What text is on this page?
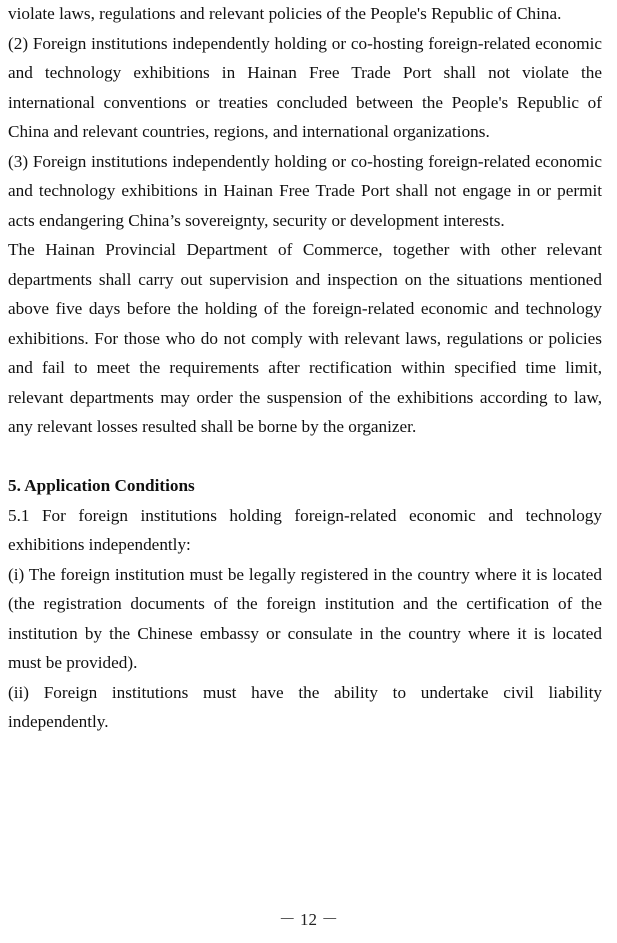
violate laws, regulations and relevant policies of the People's Republic of China.

(2) Foreign institutions independently holding or co-hosting foreign-related economic and technology exhibitions in Hainan Free Trade Port shall not violate the international conventions or treaties concluded between the People's Republic of China and relevant countries, regions, and international organizations.

(3) Foreign institutions independently holding or co-hosting foreign-related economic and technology exhibitions in Hainan Free Trade Port shall not engage in or permit acts endangering China’s sovereignty, security or development interests.

The Hainan Provincial Department of Commerce, together with other relevant departments shall carry out supervision and inspection on the situations mentioned above five days before the holding of the foreign-related economic and technology exhibitions. For those who do not comply with relevant laws, regulations or policies and fail to meet the requirements after rectification within specified time limit, relevant departments may order the suspension of the exhibitions according to law, any relevant losses resulted shall be borne by the organizer.

5. Application Conditions

5.1 For foreign institutions holding foreign-related economic and technology exhibitions independently:

(i) The foreign institution must be legally registered in the country where it is located (the registration documents of the foreign institution and the certification of the institution by the Chinese embassy or consulate in the country where it is located must be provided).

(ii) Foreign institutions must have the ability to undertake civil liability independently.

－ 12 －
